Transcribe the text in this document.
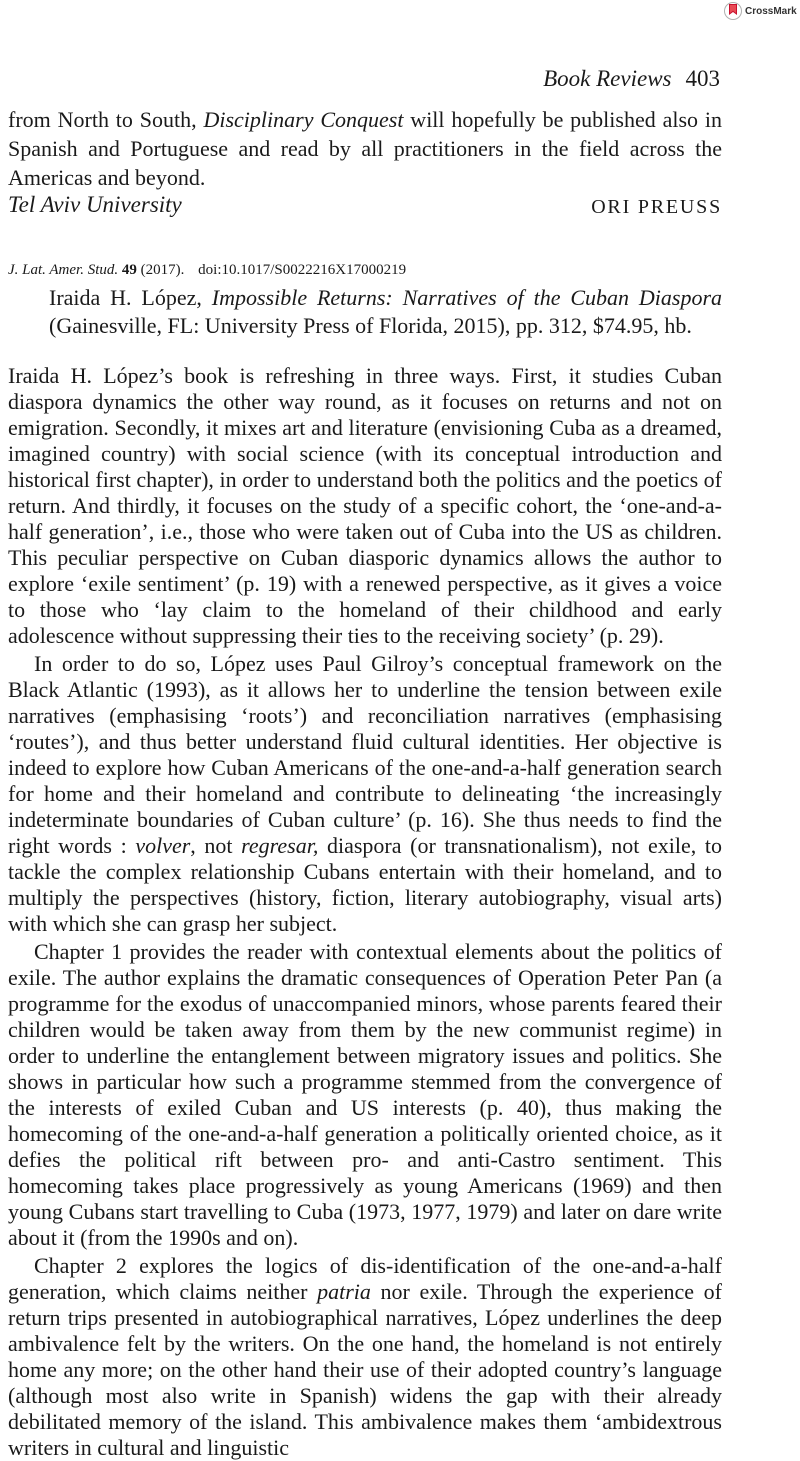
CrossMark
Book Reviews 403
from North to South, Disciplinary Conquest will hopefully be published also in Spanish and Portuguese and read by all practitioners in the field across the Americas and beyond.
Tel Aviv University	ORI PREUSS
J. Lat. Amer. Stud. 49 (2017). doi:10.1017/S0022216X17000219
Iraida H. López, Impossible Returns: Narratives of the Cuban Diaspora (Gainesville, FL: University Press of Florida, 2015), pp. 312, $74.95, hb.

Iraida H. López’s book is refreshing in three ways. First, it studies Cuban diaspora dynamics the other way round, as it focuses on returns and not on emigration. Secondly, it mixes art and literature (envisioning Cuba as a dreamed, imagined country) with social science (with its conceptual introduction and historical first chapter), in order to understand both the politics and the poetics of return. And thirdly, it focuses on the study of a specific cohort, the ‘one-and-a-half generation’, i.e., those who were taken out of Cuba into the US as children. This peculiar perspective on Cuban diasporic dynamics allows the author to explore ‘exile sentiment’ (p. 19) with a renewed perspective, as it gives a voice to those who ‘lay claim to the homeland of their childhood and early adolescence without suppressing their ties to the receiving society’ (p. 29).

In order to do so, López uses Paul Gilroy’s conceptual framework on the Black Atlantic (1993), as it allows her to underline the tension between exile narratives (emphasising ‘roots’) and reconciliation narratives (emphasising ‘routes’), and thus better understand fluid cultural identities. Her objective is indeed to explore how Cuban Americans of the one-and-a-half generation search for home and their homeland and contribute to delineating ‘the increasingly indeterminate boundaries of Cuban culture’ (p. 16). She thus needs to find the right words : volver, not regresar, diaspora (or transnationalism), not exile, to tackle the complex relationship Cubans entertain with their homeland, and to multiply the perspectives (history, fiction, literary autobiography, visual arts) with which she can grasp her subject.

Chapter 1 provides the reader with contextual elements about the politics of exile. The author explains the dramatic consequences of Operation Peter Pan (a programme for the exodus of unaccompanied minors, whose parents feared their children would be taken away from them by the new communist regime) in order to underline the entanglement between migratory issues and politics. She shows in particular how such a programme stemmed from the convergence of the interests of exiled Cuban and US interests (p. 40), thus making the homecoming of the one-and-a-half generation a politically oriented choice, as it defies the political rift between pro- and anti-Castro sentiment. This homecoming takes place progressively as young Americans (1969) and then young Cubans start travelling to Cuba (1973, 1977, 1979) and later on dare write about it (from the 1990s and on).

Chapter 2 explores the logics of dis-identification of the one-and-a-half generation, which claims neither patria nor exile. Through the experience of return trips presented in autobiographical narratives, López underlines the deep ambivalence felt by the writers. On the one hand, the homeland is not entirely home any more; on the other hand their use of their adopted country’s language (although most also write in Spanish) widens the gap with their already debilitated memory of the island. This ambivalence makes them ‘ambidextrous writers in cultural and linguistic
